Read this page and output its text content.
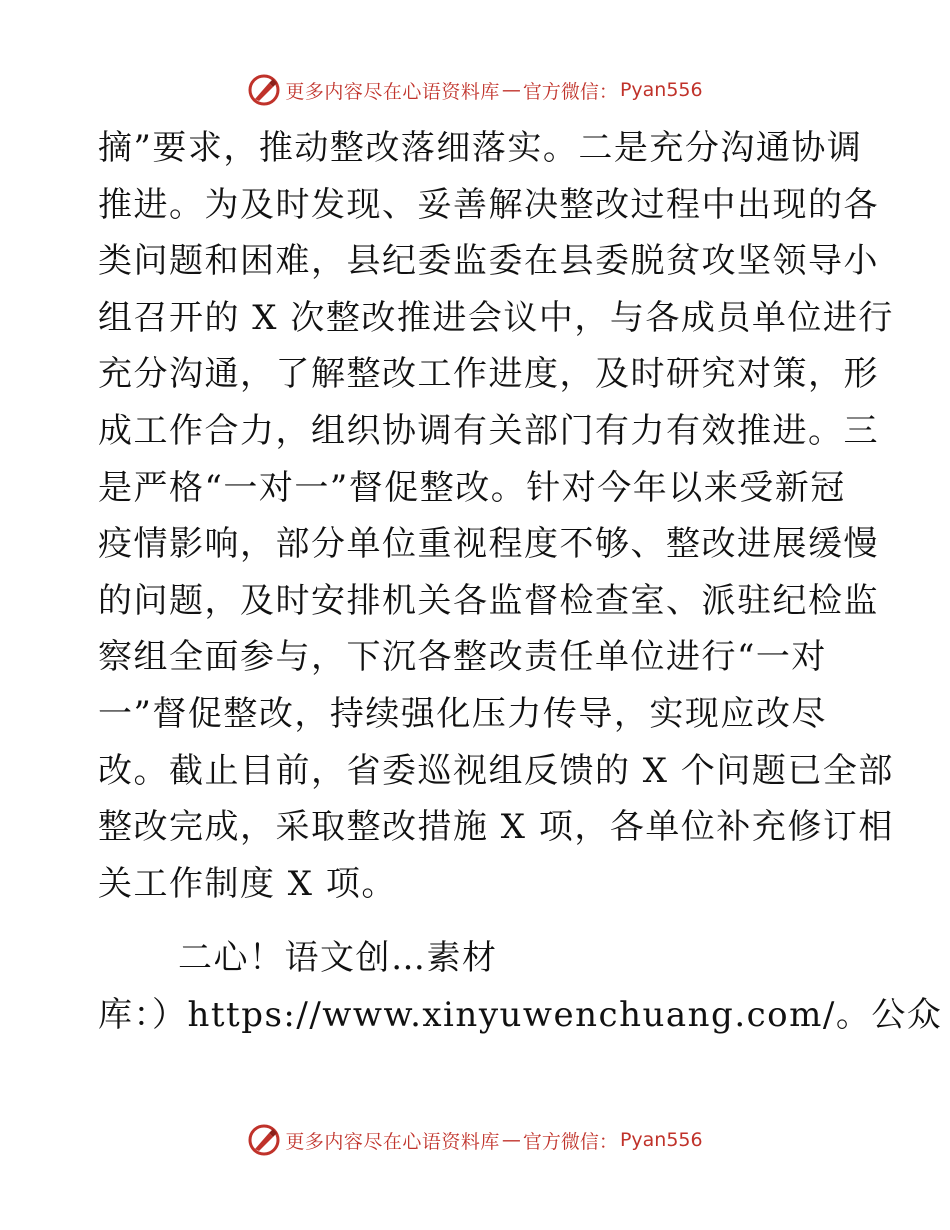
更多内容尽在心语资料库 — 官方微信： Pyan556

摘”要求，推动整改落细落实。二是充分沟通协调

推进。为及时发现、妥善解决整改过程中出现的各

类问题和困难，县纪委监委在县委脱贫攻坚领导小

组召开的 X 次整改推进会议中，与各成员单位进行

充分沟通，了解整改工作进度，及时研究对策，形

成工作合力，组织协调有关部门有力有效推进。三

是严格“一对一”督促整改。针对今年以来受新冠

疫情影响，部分单位重视程度不够、整改进展缓慢

的问题，及时安排机关各监督检查室、派驻纪检监

察组全面参与，下沉各整改责任单位进行“一对

一”督促整改，持续强化压力传导，实现应改尽

改。截止目前，省委巡视组反馈的 X 个问题已全部

整改完成，采取整改措施 X 项，各单位补充修订相

关工作制度 X 项。

二心！语文创…素材

库：）https://www.xinyuwenchuang.com/。公众

更多内容尽在心语资料库 — 官方微信： Pyan556
